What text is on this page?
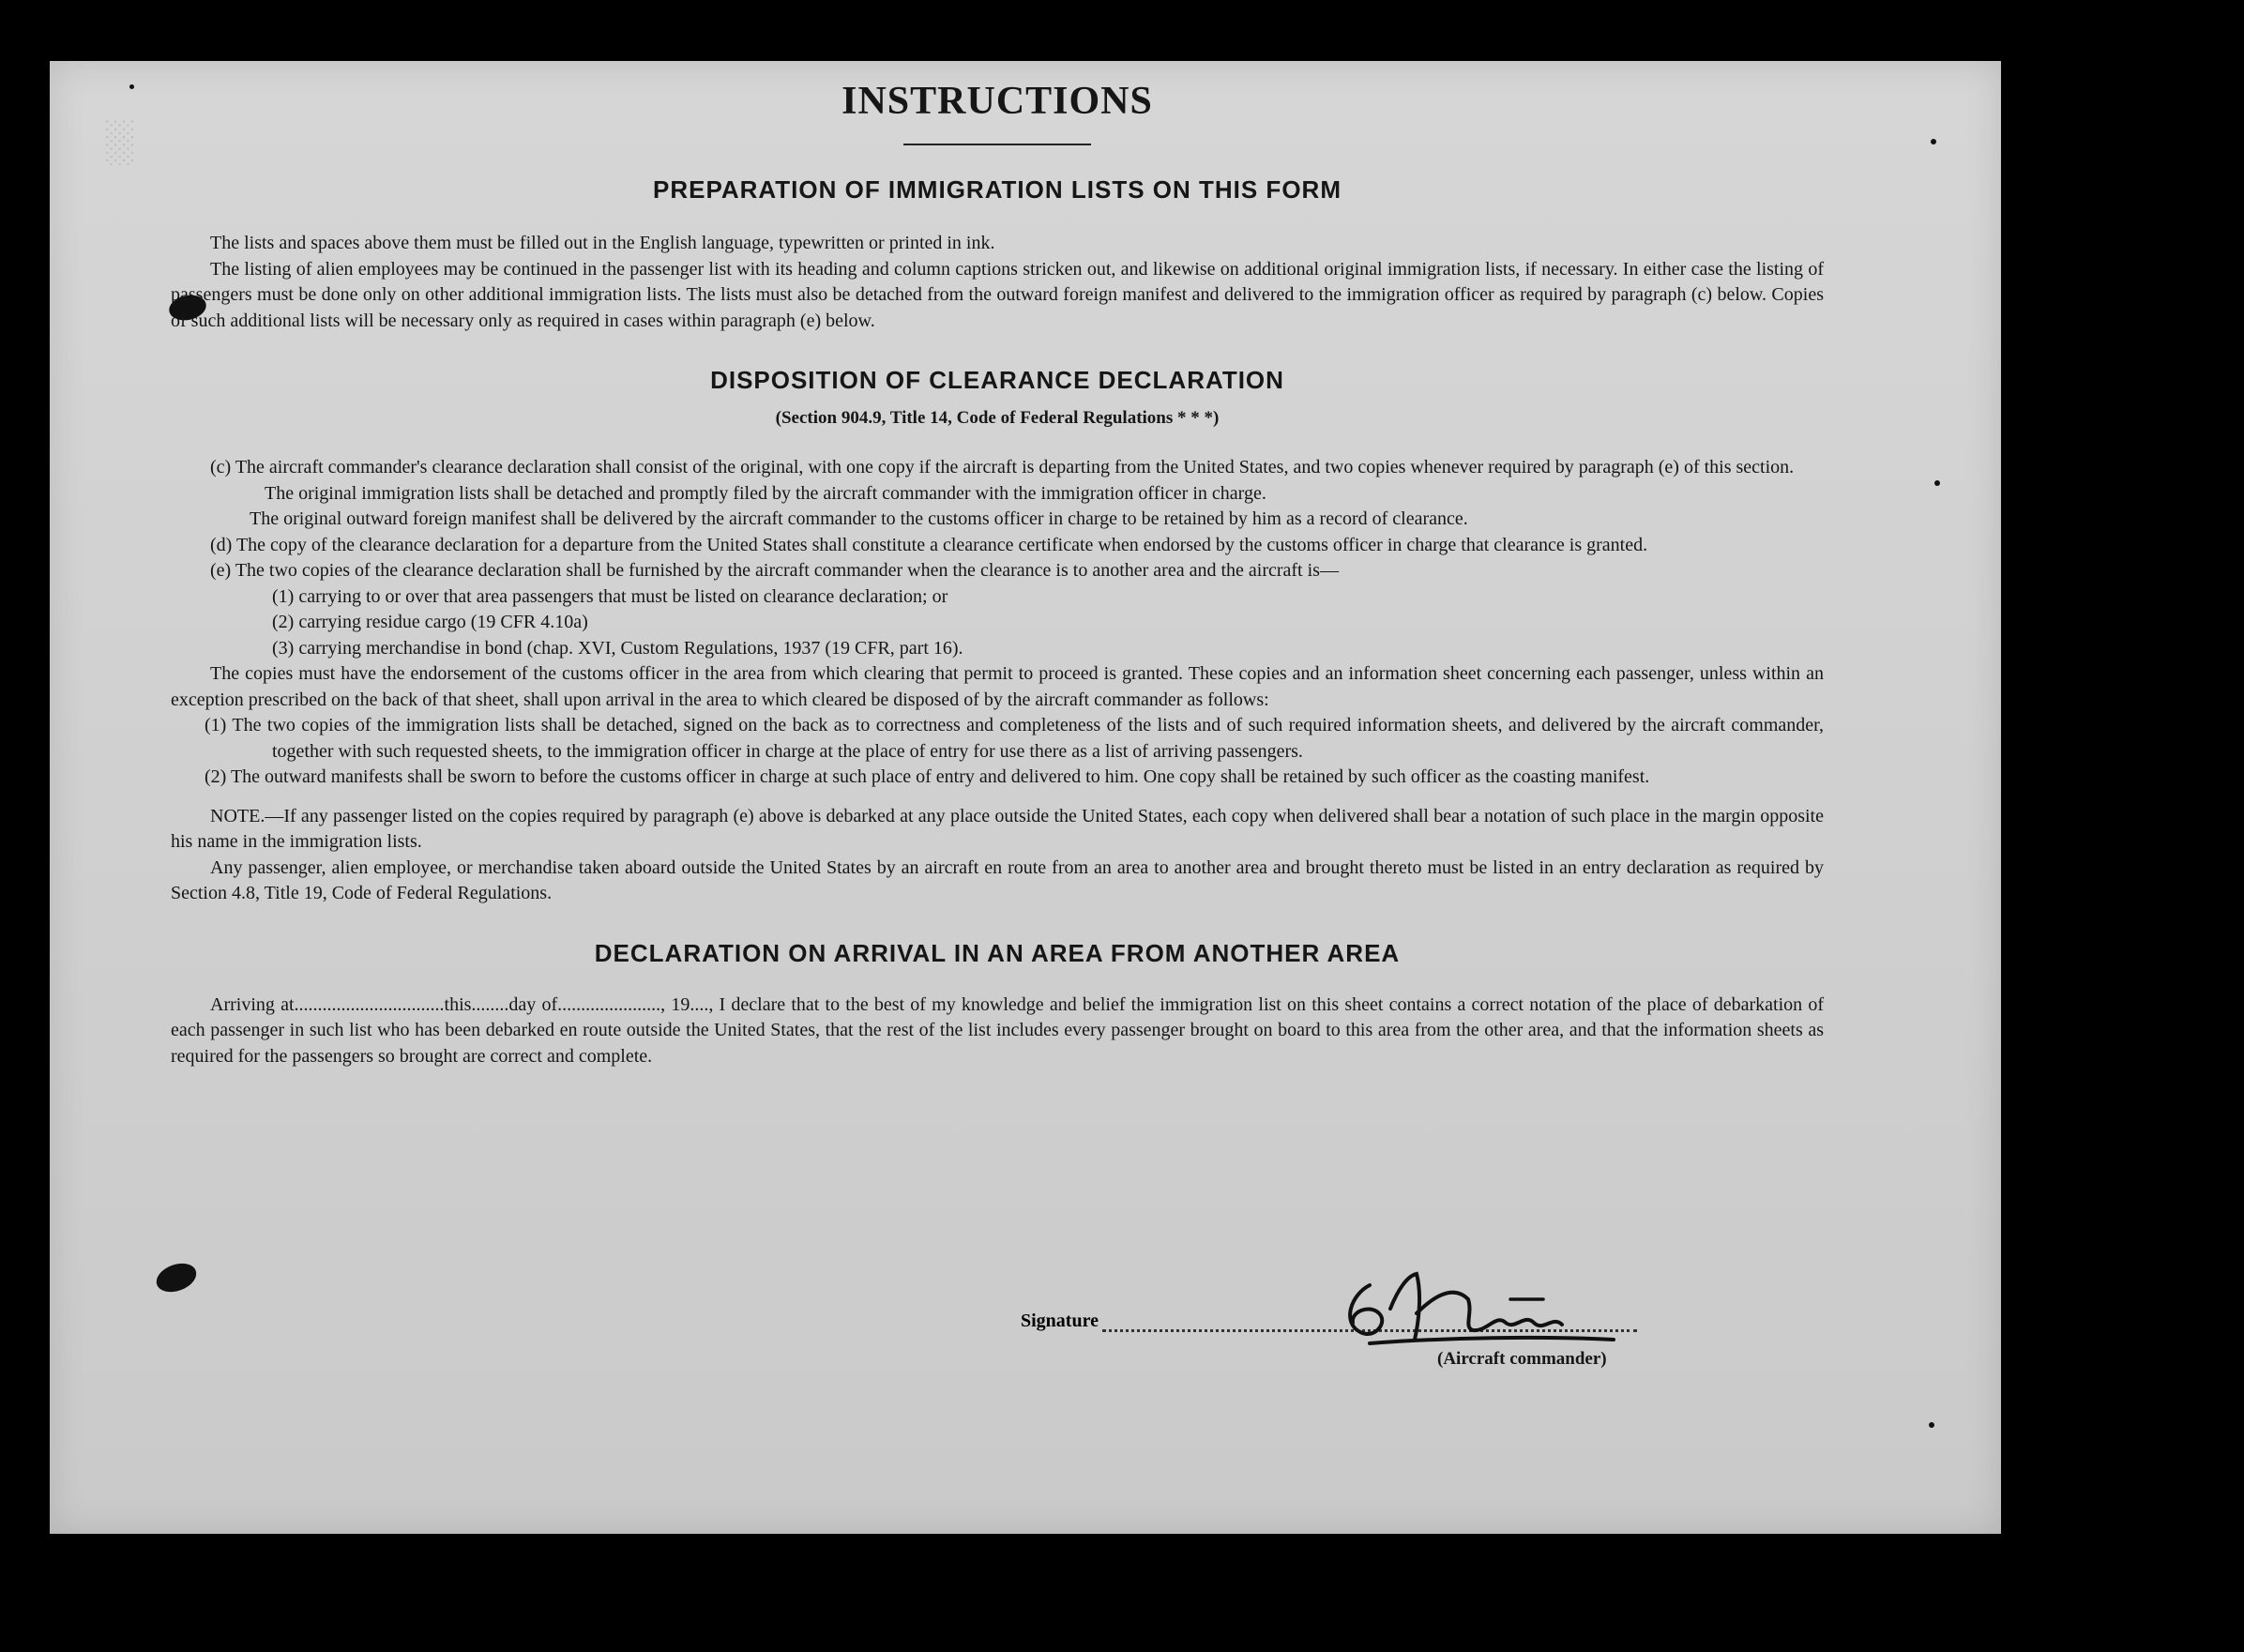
░
INSTRUCTIONS
PREPARATION OF IMMIGRATION LISTS ON THIS FORM

The lists and spaces above them must be filled out in the English language, typewritten or printed in ink.

The listing of alien employees may be continued in the passenger list with its heading and column captions stricken out, and likewise on additional original immigration lists, if necessary. In either case the listing of passengers must be done only on other additional immigration lists. The lists must also be detached from the outward foreign manifest and delivered to the immigration officer as required by paragraph (c) below. Copies of such additional lists will be necessary only as required in cases within paragraph (e) below.

DISPOSITION OF CLEARANCE DECLARATION
(Section 904.9, Title 14, Code of Federal Regulations * * *)

(c) The aircraft commander's clearance declaration shall consist of the original, with one copy if the aircraft is departing from the United States, and two copies whenever required by paragraph (e) of this section.

The original immigration lists shall be detached and promptly filed by the aircraft commander with the immigration officer in charge.

The original outward foreign manifest shall be delivered by the aircraft commander to the customs officer in charge to be retained by him as a record of clearance.

(d) The copy of the clearance declaration for a departure from the United States shall constitute a clearance certificate when endorsed by the customs officer in charge that clearance is granted.

(e) The two copies of the clearance declaration shall be furnished by the aircraft commander when the clearance is to another area and the aircraft is—

(1) carrying to or over that area passengers that must be listed on clearance declaration; or

(2) carrying residue cargo (19 CFR 4.10a)

(3) carrying merchandise in bond (chap. XVI, Custom Regulations, 1937 (19 CFR, part 16).

The copies must have the endorsement of the customs officer in the area from which clearing that permit to proceed is granted. These copies and an information sheet concerning each passenger, unless within an exception prescribed on the back of that sheet, shall upon arrival in the area to which cleared be disposed of by the aircraft commander as follows:

(1) The two copies of the immigration lists shall be detached, signed on the back as to correctness and completeness of the lists and of such required information sheets, and delivered by the aircraft commander, together with such requested sheets, to the immigration officer in charge at the place of entry for use there as a list of arriving passengers.

(2) The outward manifests shall be sworn to before the customs officer in charge at such place of entry and delivered to him. One copy shall be retained by such officer as the coasting manifest.

NOTE.—If any passenger listed on the copies required by paragraph (e) above is debarked at any place outside the United States, each copy when delivered shall bear a notation of such place in the margin opposite his name in the immigration lists.

Any passenger, alien employee, or merchandise taken aboard outside the United States by an aircraft en route from an area to another area and brought thereto must be listed in an entry declaration as required by Section 4.8, Title 19, Code of Federal Regulations.

DECLARATION ON ARRIVAL IN AN AREA FROM ANOTHER AREA

Arriving at................................this........day of......................, 19...., I declare that to the best of my knowledge and belief the immigration list on this sheet contains a correct notation of the place of debarkation of each passenger in such list who has been debarked en route outside the United States, that the rest of the list includes every passenger brought on board to this area from the other area, and that the information sheets as required for the passengers so brought are correct and complete.

Signature
(Aircraft commander)
